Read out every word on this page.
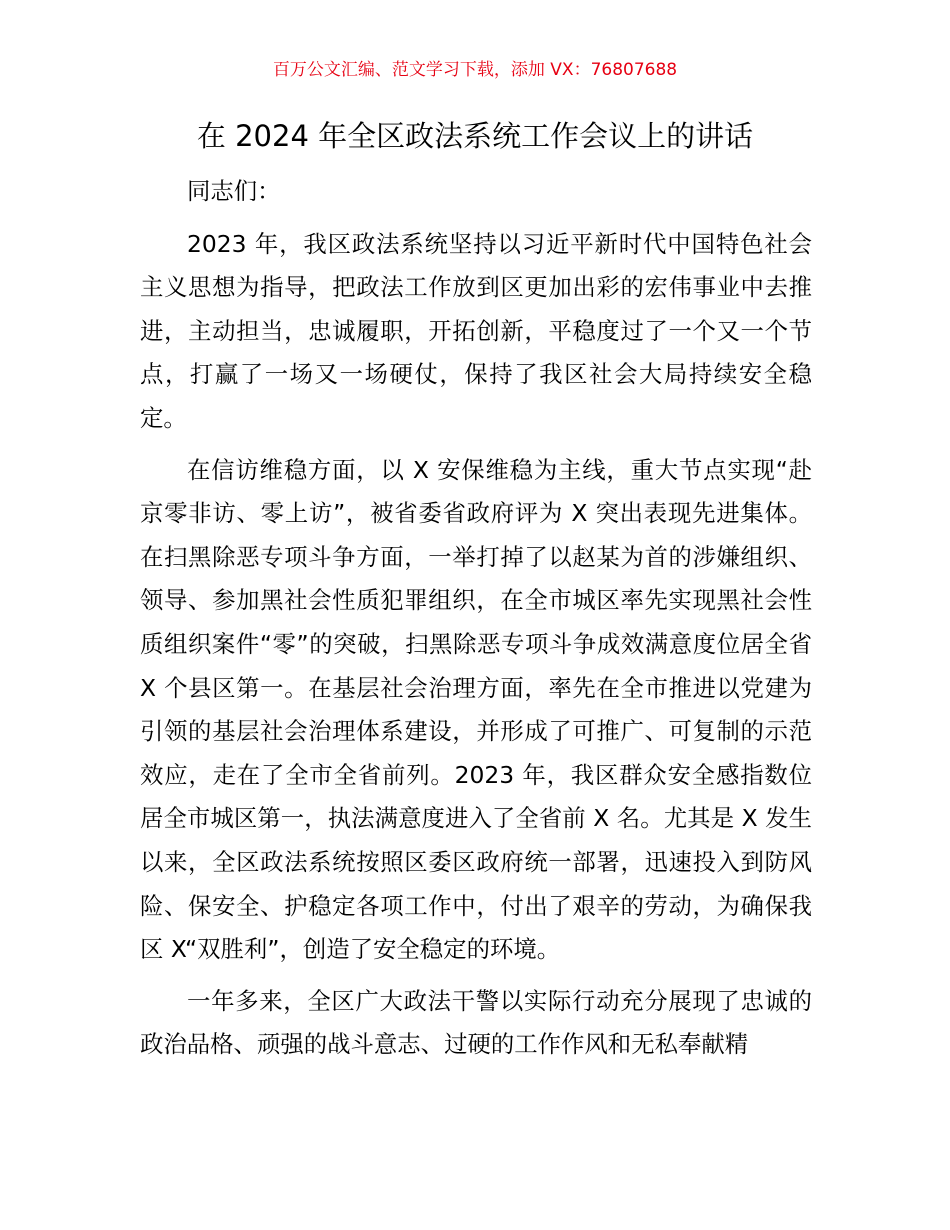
百万公文汇编、范文学习下载，添加 VX：76807688
在 2024 年全区政法系统工作会议上的讲话

同志们：

2023 年，我区政法系统坚持以习近平新时代中国特色社会主义思想为指导，把政法工作放到区更加出彩的宏伟事业中去推进，主动担当，忠诚履职，开拓创新，平稳度过了一个又一个节点，打赢了一场又一场硬仗，保持了我区社会大局持续安全稳定。

在信访维稳方面，以 X 安保维稳为主线，重大节点实现“赴京零非访、零上访”，被省委省政府评为 X 突出表现先进集体。在扫黑除恶专项斗争方面，一举打掉了以赵某为首的涉嫌组织、领导、参加黑社会性质犯罪组织，在全市城区率先实现黑社会性质组织案件“零”的突破，扫黑除恶专项斗争成效满意度位居全省 X 个县区第一。在基层社会治理方面，率先在全市推进以党建为引领的基层社会治理体系建设，并形成了可推广、可复制的示范效应，走在了全市全省前列。2023 年，我区群众安全感指数位居全市城区第一，执法满意度进入了全省前 X 名。尤其是 X 发生以来，全区政法系统按照区委区政府统一部署，迅速投入到防风险、保安全、护稳定各项工作中，付出了艰辛的劳动，为确保我区 X“双胜利”，创造了安全稳定的环境。

一年多来，全区广大政法干警以实际行动充分展现了忠诚的政治品格、顽强的战斗意志、过硬的工作作风和无私奉献精
